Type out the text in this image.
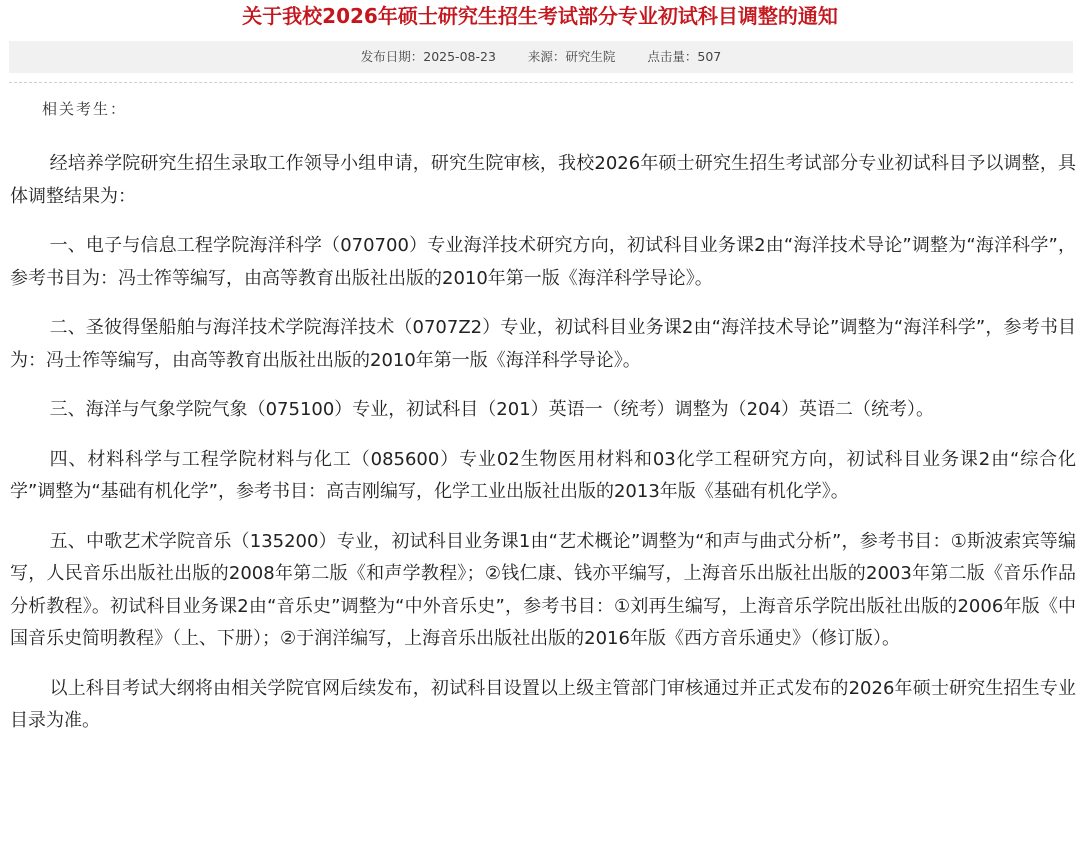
关于我校2026年硕士研究生招生考试部分专业初试科目调整的通知
发布日期：2025-08-23	来源：研究生院	点击量：507
相关考生：

经培养学院研究生招生录取工作领导小组申请，研究生院审核，我校2026年硕士研究生招生考试部分专业初试科目予以调整，具体调整结果为：

一、电子与信息工程学院海洋科学（070700）专业海洋技术研究方向，初试科目业务课2由“海洋技术导论”调整为“海洋科学”，参考书目为：冯士筰等编写，由高等教育出版社出版的2010年第一版《海洋科学导论》。

二、圣彼得堡船舶与海洋技术学院海洋技术（0707Z2）专业，初试科目业务课2由“海洋技术导论”调整为“海洋科学”，参考书目为：冯士筰等编写，由高等教育出版社出版的2010年第一版《海洋科学导论》。

三、海洋与气象学院气象（075100）专业，初试科目（201）英语一（统考）调整为（204）英语二（统考）。

四、材料科学与工程学院材料与化工（085600）专业02生物医用材料和03化学工程研究方向，初试科目业务课2由“综合化学”调整为“基础有机化学”，参考书目：高吉刚编写，化学工业出版社出版的2013年版《基础有机化学》。

五、中歌艺术学院音乐（135200）专业，初试科目业务课1由“艺术概论”调整为“和声与曲式分析”，参考书目：①斯波索宾等编写，人民音乐出版社出版的2008年第二版《和声学教程》；②钱仁康、钱亦平编写，上海音乐出版社出版的2003年第二版《音乐作品分析教程》。初试科目业务课2由“音乐史”调整为“中外音乐史”，参考书目：①刘再生编写，上海音乐学院出版社出版的2006年版《中国音乐史简明教程》（上、下册）；②于润洋编写，上海音乐出版社出版的2016年版《西方音乐通史》（修订版）。

以上科目考试大纲将由相关学院官网后续发布，初试科目设置以上级主管部门审核通过并正式发布的2026年硕士研究生招生专业目录为准。
